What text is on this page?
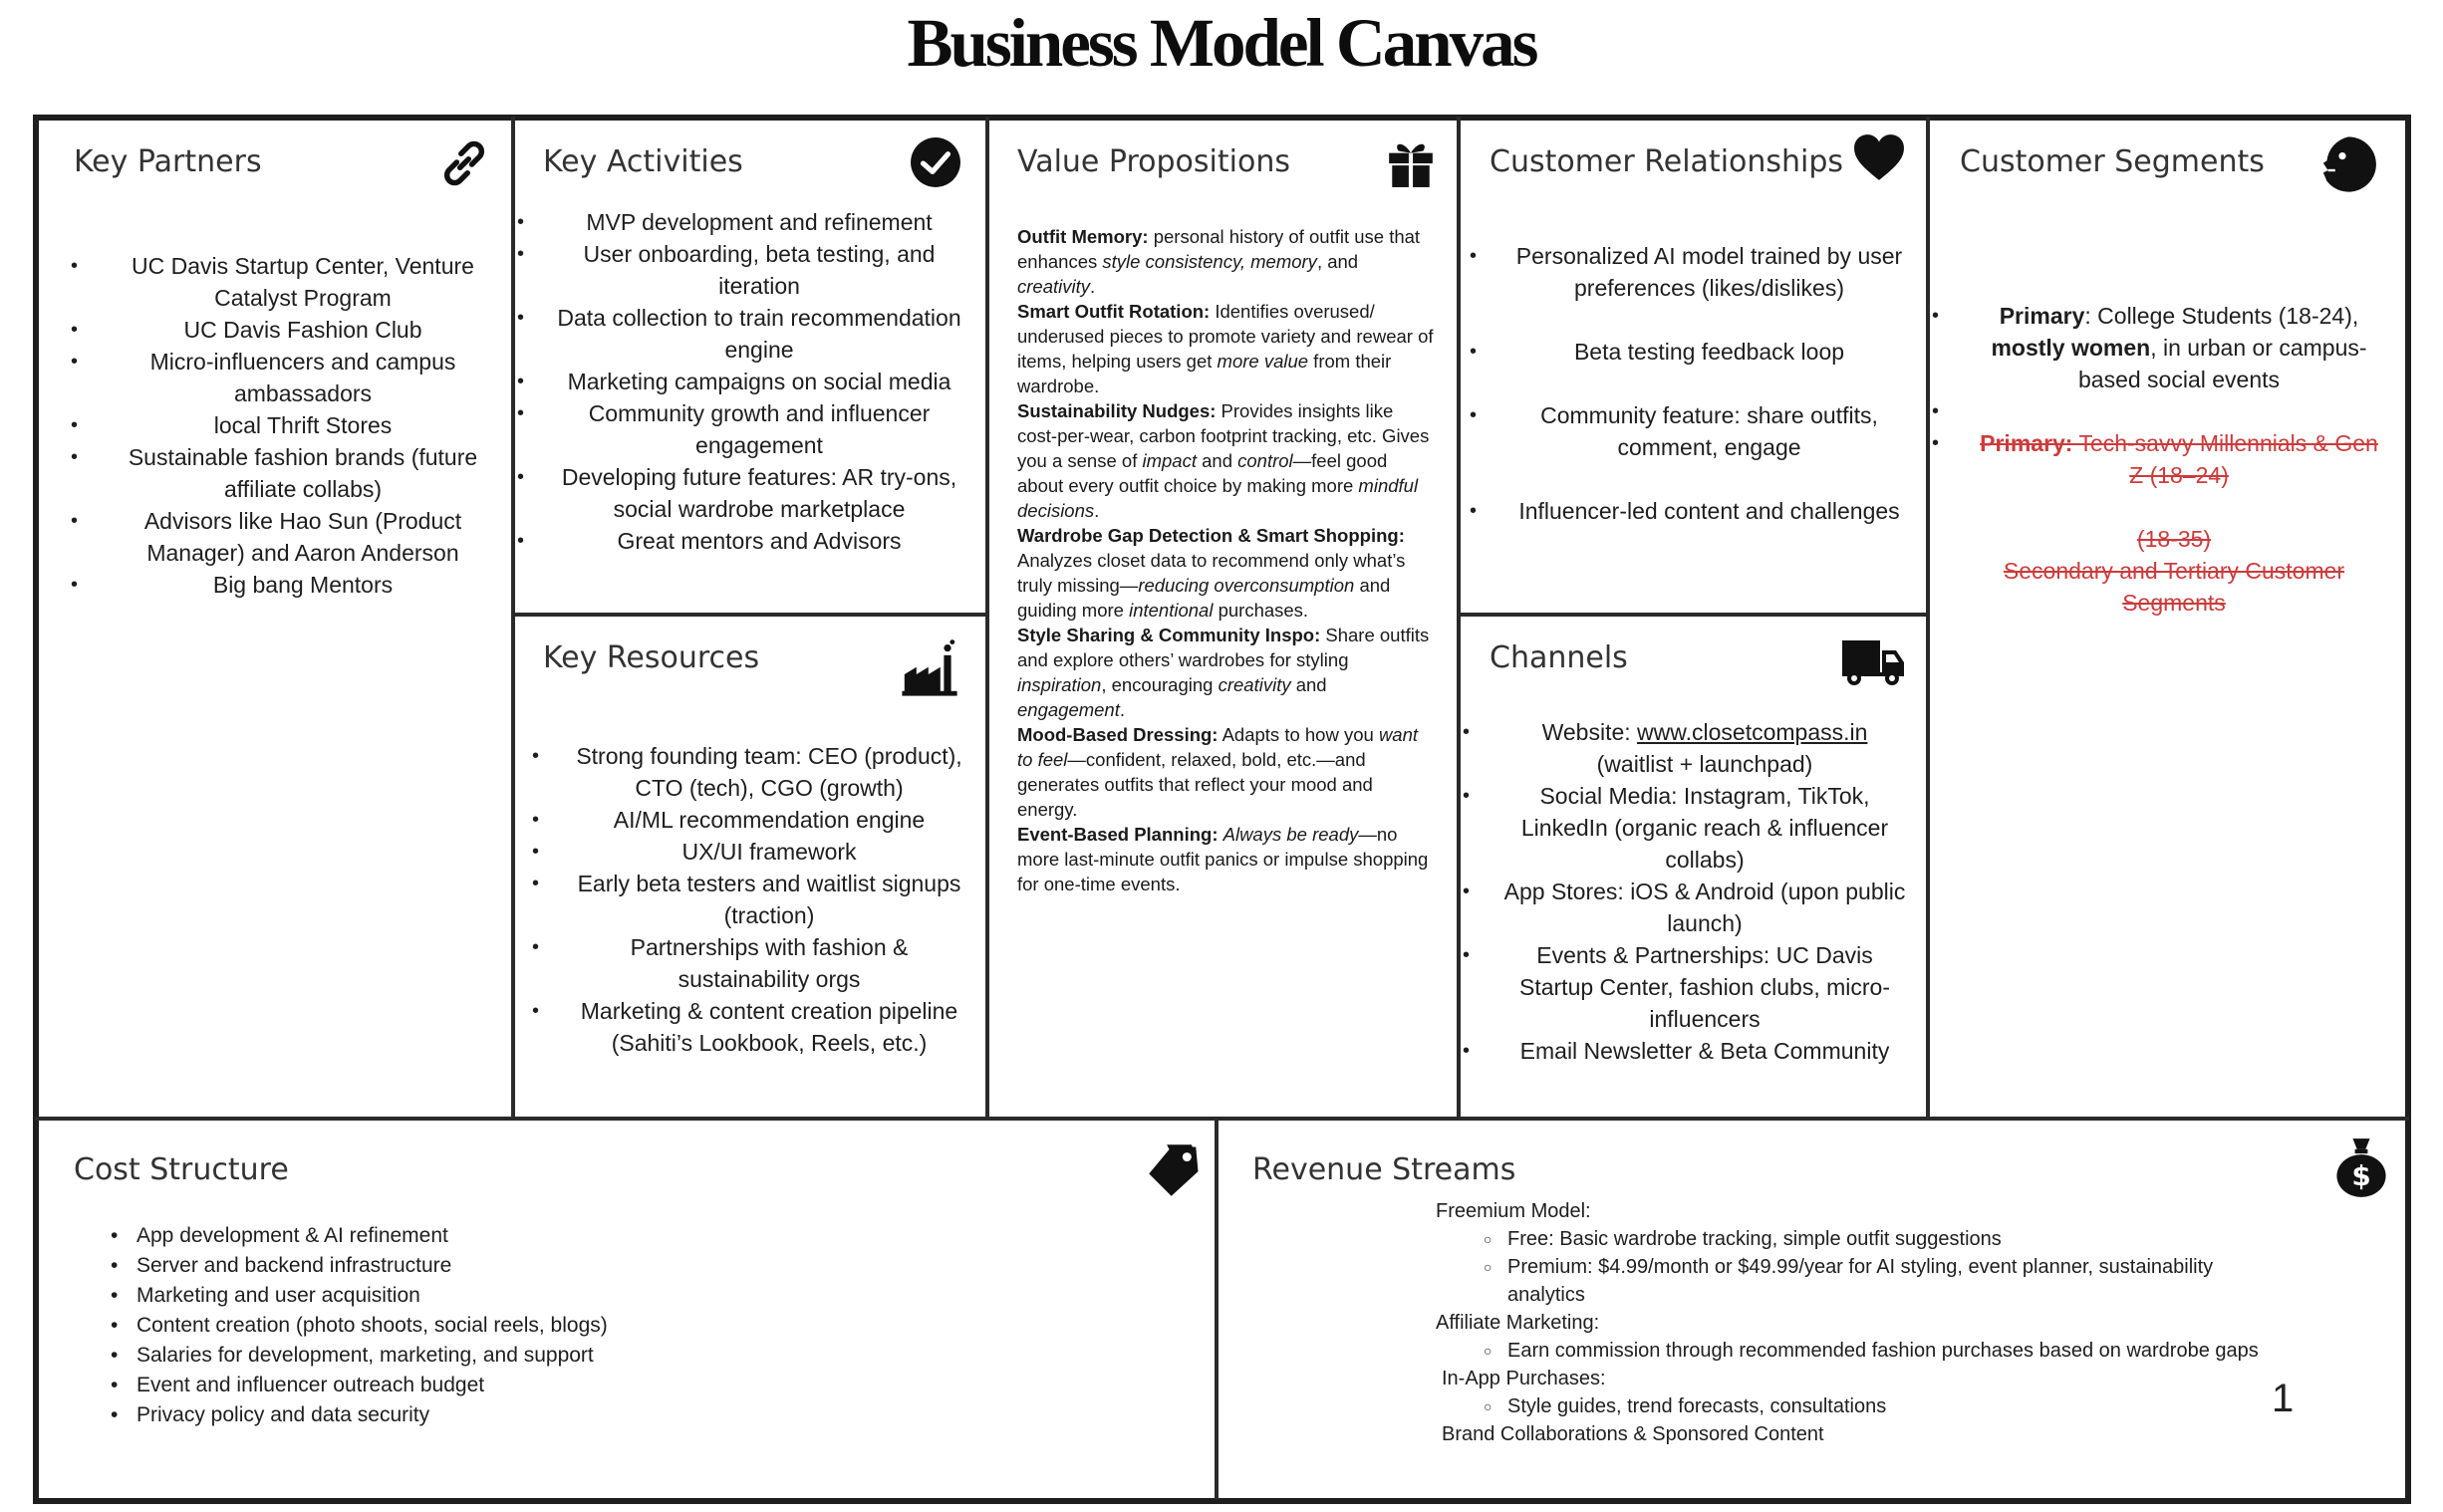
Business Model Canvas
Key Partners
• UC Davis Startup Center, Venture Catalyst Program
• UC Davis Fashion Club
• Micro-influencers and campus ambassadors
• local Thrift Stores
• Sustainable fashion brands (future affiliate collabs)
• Advisors like Hao Sun (Product Manager) and Aaron Anderson
• Big bang Mentors
Key Activities
• MVP development and refinement
• User onboarding, beta testing, and iteration
• Data collection to train recommendation engine
• Marketing campaigns on social media
• Community growth and influencer engagement
• Developing future features: AR try-ons, social wardrobe marketplace
• Great mentors and Advisors
Key Resources
• Strong founding team: CEO (product), CTO (tech), CGO (growth)
• AI/ML recommendation engine
• UX/UI framework
• Early beta testers and waitlist signups (traction)
• Partnerships with fashion & sustainability orgs
• Marketing & content creation pipeline (Sahiti’s Lookbook, Reels, etc.)
Value Propositions

Outfit Memory: personal history of outfit use that enhances style consistency, memory, and creativity.

Smart Outfit Rotation: Identifies overused/ underused pieces to promote variety and rewear of items, helping users get more value from their wardrobe.

Sustainability Nudges: Provides insights like cost-per-wear, carbon footprint tracking, etc. Gives you a sense of impact and control—feel good about every outfit choice by making more mindful decisions.

Wardrobe Gap Detection & Smart Shopping: Analyzes closet data to recommend only what’s truly missing—reducing overconsumption and guiding more intentional purchases.

Style Sharing & Community Inspo: Share outfits and explore others’ wardrobes for styling inspiration, encouraging creativity and engagement.

Mood-Based Dressing: Adapts to how you want to feel—confident, relaxed, bold, etc.—and generates outfits that reflect your mood and energy.

Event-Based Planning: Always be ready—no more last-minute outfit panics or impulse shopping for one-time events.

Customer Relationships
• Personalized AI model trained by user preferences (likes/dislikes)
• Beta testing feedback loop
• Community feature: share outfits, comment, engage
• Influencer-led content and challenges
Channels
• Website: www.closetcompass.in
(waitlist + launchpad)
• Social Media: Instagram, TikTok, LinkedIn (organic reach & influencer collabs)
• App Stores: iOS & Android (upon public launch)
• Events & Partnerships: UC Davis Startup Center, fashion clubs, micro-influencers
• Email Newsletter & Beta Community
Customer Segments
• Primary: College Students (18-24), mostly women, in urban or campus-based social events
•
• Primary: Tech-savvy Millennials & Gen Z (18–24)
(18-35)
Secondary and Tertiary Customer Segments
Cost Structure
• App development & AI refinement
• Server and backend infrastructure
• Marketing and user acquisition
• Content creation (photo shoots, social reels, blogs)
• Salaries for development, marketing, and support
• Event and influencer outreach budget
• Privacy policy and data security
Revenue Streams	$
Freemium Model:
○ Free: Basic wardrobe tracking, simple outfit suggestions
○ Premium: $4.99/month or $49.99/year for AI styling, event planner, sustainability analytics
Affiliate Marketing:
○ Earn commission through recommended fashion purchases based on wardrobe gaps
In-App Purchases:
○ Style guides, trend forecasts, consultations
Brand Collaborations & Sponsored Content
1
